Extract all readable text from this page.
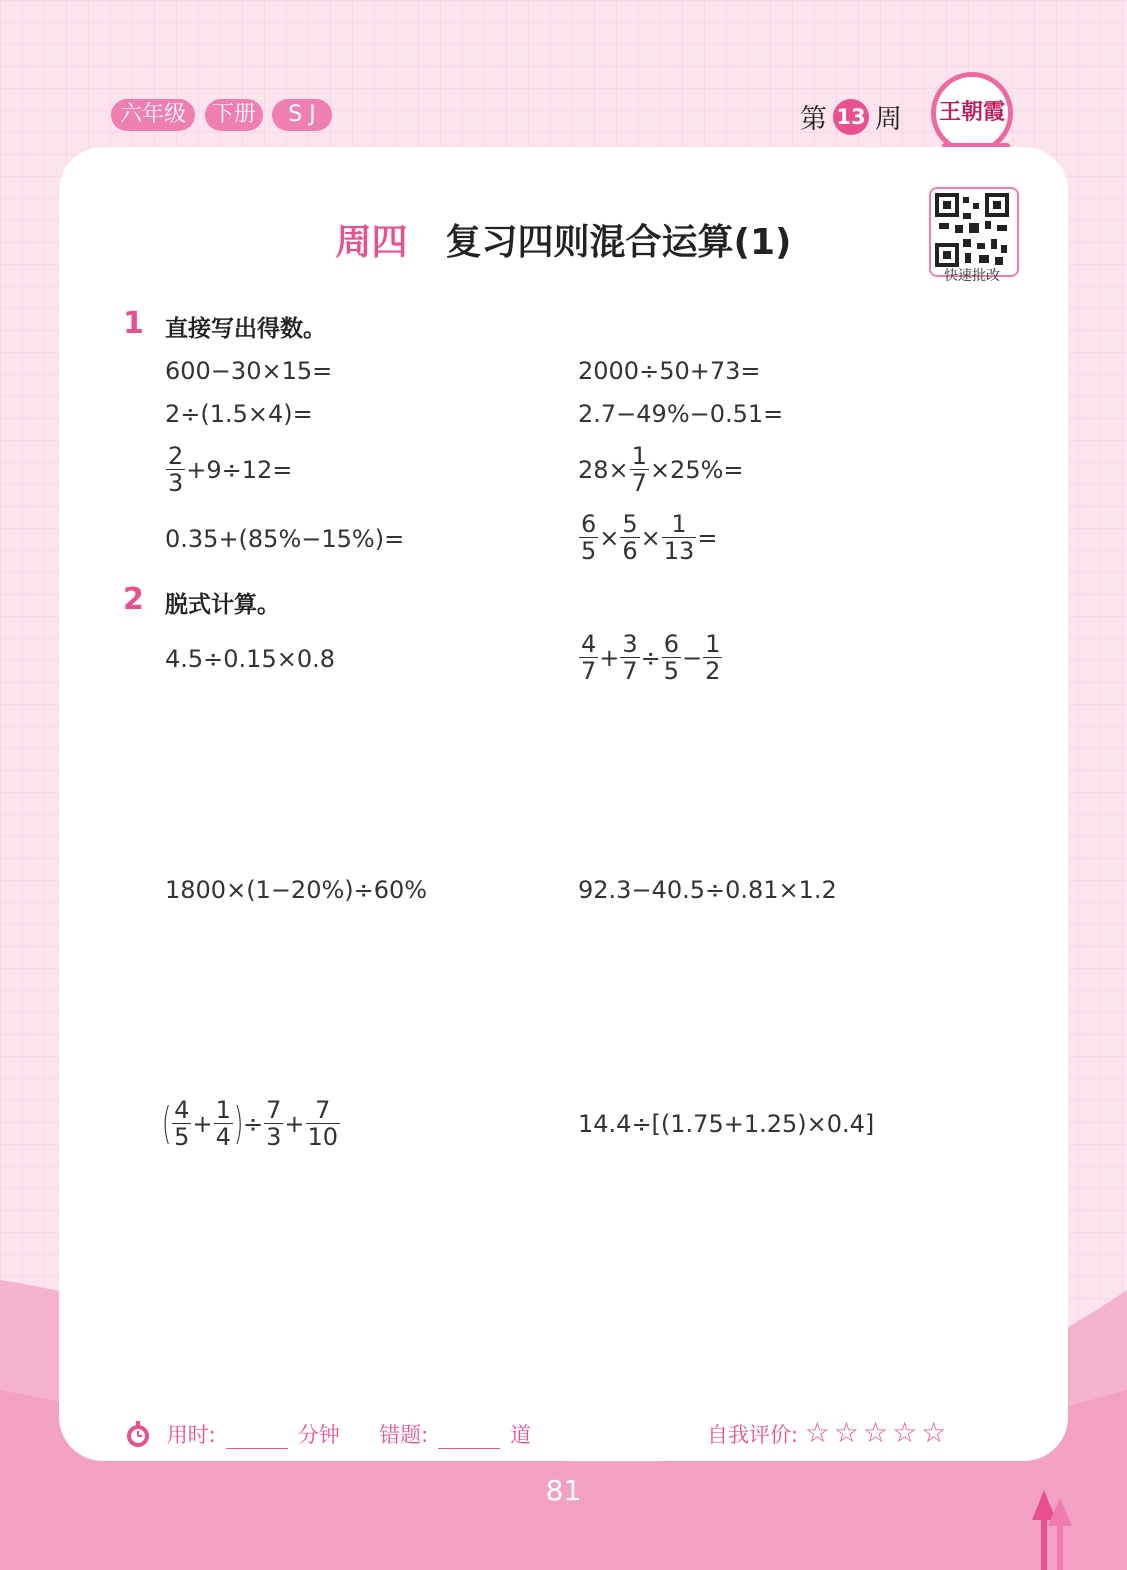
六年级	下册	S J	第 13 周 王朝霞
周四 复习四则混合运算(1)
快速批改
1 直接写出得数。
600−30×15=	2000÷50+73=
2÷(1.5×4)=	2.7−49%−0.51=
$\frac{2}{3} +9\div 12=$	$28\times \frac{1}{7} \times 25\%=$
0.35+(85%−15%)=	$\frac{6}{5} \times \frac{5}{6} \times \frac{1}{13}$ =
2 脱式计算。
4.5÷0.15×0.8	$\frac{4}{7} + \frac{3}{7} \div \frac{6}{5} - \frac{1}{2}$
1800×(1−20%)÷60%	92.3−40.5÷0.81×1.2
( $\frac{4}{5} + \frac{1}{4}$ ) ÷ $\frac{7}{3} + \frac{7}{10}$	14.4÷[(1.75+1.25)×0.4]
用时:	分钟 错题:	道	自我评价: ☆☆☆☆☆
81
